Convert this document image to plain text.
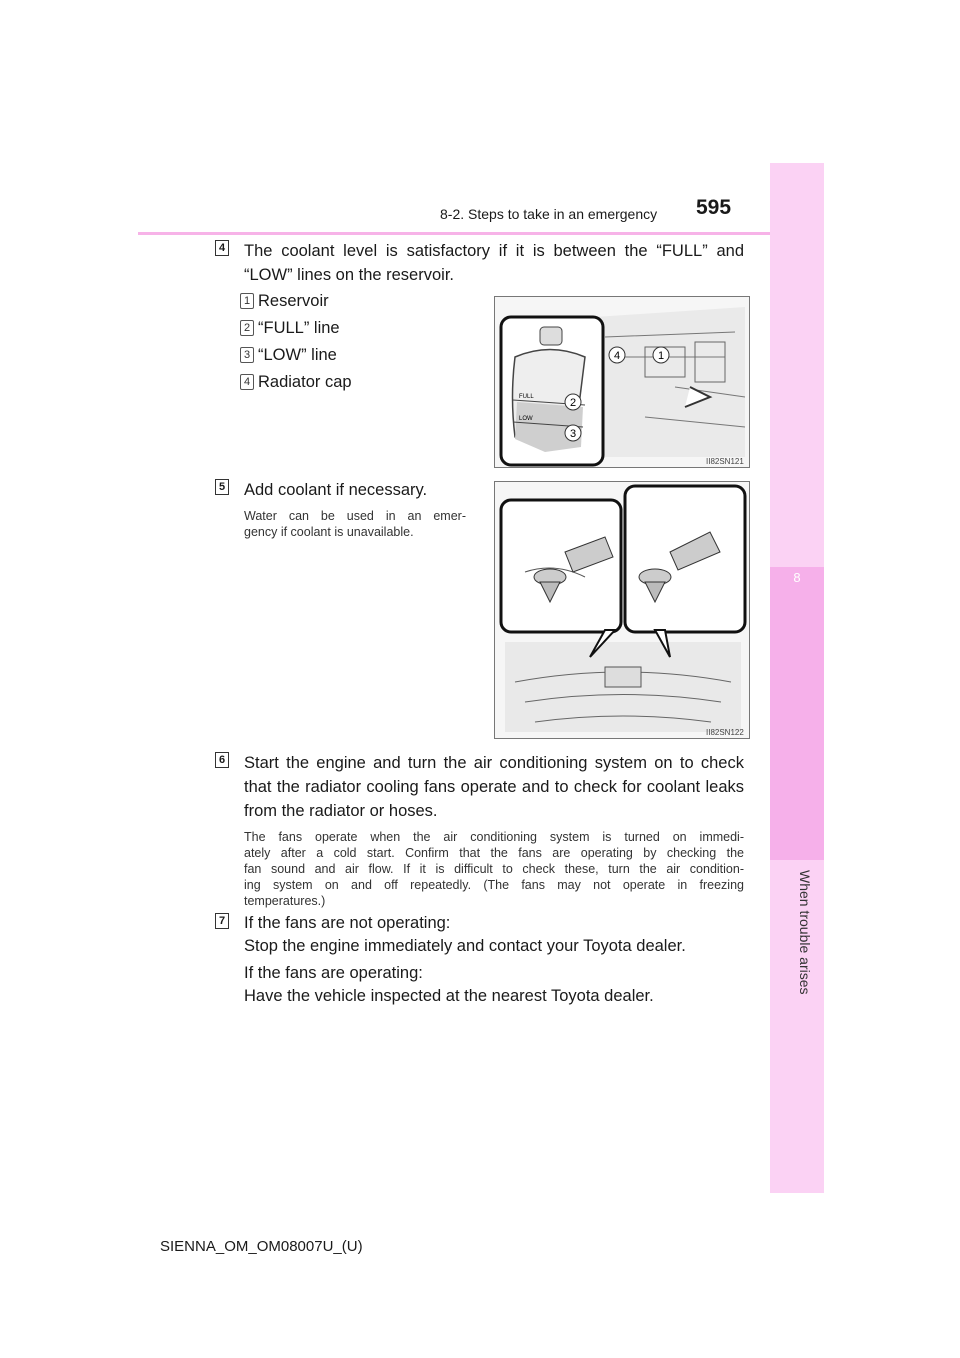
8-2. Steps to take in an emergency 595
8
When trouble arises
4 The coolant level is satisfactory if it is between the “FULL” and
“LOW” lines on the reservoir.
1 Reservoir
2 “FULL” line
3 “LOW” line
4 Radiator cap
FULL
LOW
2
3
4	1
II82SN121
5 Add coolant if necessary.
Water can be used in an emer-
gency if coolant is unavailable.
II82SN122
6 Start the engine and turn the air conditioning system on to check
that the radiator cooling fans operate and to check for coolant leaks
from the radiator or hoses.
The fans operate when the air conditioning system is turned on immedi-
ately after a cold start. Confirm that the fans are operating by checking the
fan sound and air flow. If it is difficult to check these, turn the air condition-
ing system on and off repeatedly. (The fans may not operate in freezing
temperatures.)
7 If the fans are not operating:
Stop the engine immediately and contact your Toyota dealer.
If the fans are operating:
Have the vehicle inspected at the nearest Toyota dealer.
SIENNA_OM_OM08007U_(U)
